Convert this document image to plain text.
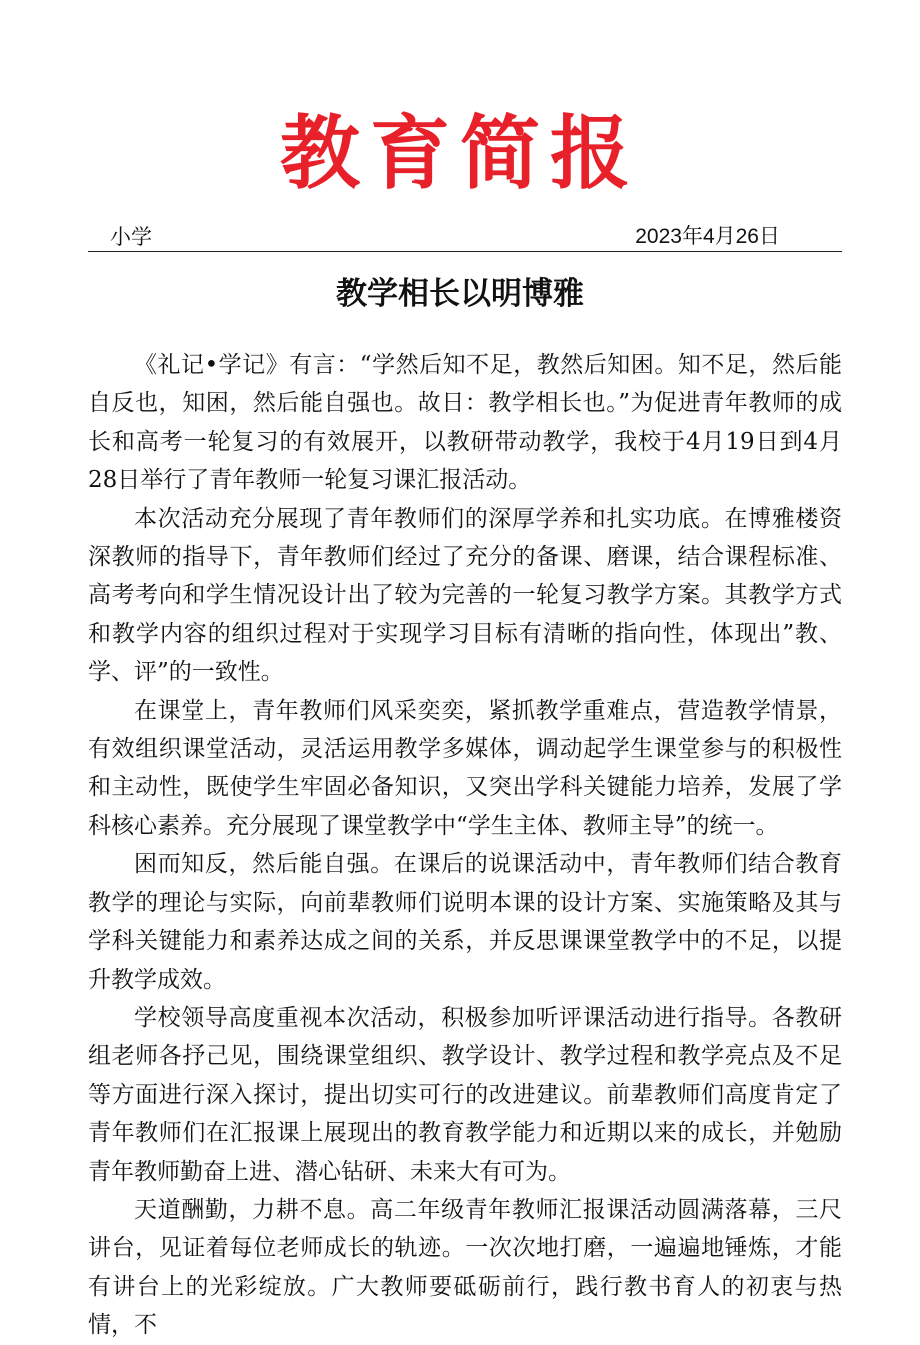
教育简报
小学	2023年4月26日
教学相长以明博雅

《礼记•学记》有言：“学然后知不足，教然后知困。知不足，然后能自反也，知困，然后能自强也。故日：教学相长也。”为促进青年教师的成长和高考一轮复习的有效展开，以教研带动教学，我校于4月19日到4月28日举行了青年教师一轮复习课汇报活动。

本次活动充分展现了青年教师们的深厚学养和扎实功底。在博雅楼资深教师的指导下，青年教师们经过了充分的备课、磨课，结合课程标准、高考考向和学生情况设计出了较为完善的一轮复习教学方案。其教学方式和教学内容的组织过程对于实现学习目标有清晰的指向性，体现出”教、学、评”的一致性。

在课堂上，青年教师们风采奕奕，紧抓教学重难点，营造教学情景，有效组织课堂活动，灵活运用教学多媒体，调动起学生课堂参与的积极性和主动性，既使学生牢固必备知识，又突出学科关键能力培养，发展了学科核心素养。充分展现了课堂教学中“学生主体、教师主导”的统一。

困而知反，然后能自强。在课后的说课活动中，青年教师们结合教育教学的理论与实际，向前辈教师们说明本课的设计方案、实施策略及其与学科关键能力和素养达成之间的关系，并反思课课堂教学中的不足，以提升教学成效。

学校领导高度重视本次活动，积极参加听评课活动进行指导。各教研组老师各抒己见，围绕课堂组织、教学设计、教学过程和教学亮点及不足等方面进行深入探讨，提出切实可行的改进建议。前辈教师们高度肯定了青年教师们在汇报课上展现出的教育教学能力和近期以来的成长，并勉励青年教师勤奋上进、潜心钻研、未来大有可为。

天道酬勤，力耕不息。高二年级青年教师汇报课活动圆满落幕，三尺讲台，见证着每位老师成长的轨迹。一次次地打磨，一遍遍地锤炼，才能有讲台上的光彩绽放。广大教师要砥砺前行，践行教书育人的初衷与热情，不
